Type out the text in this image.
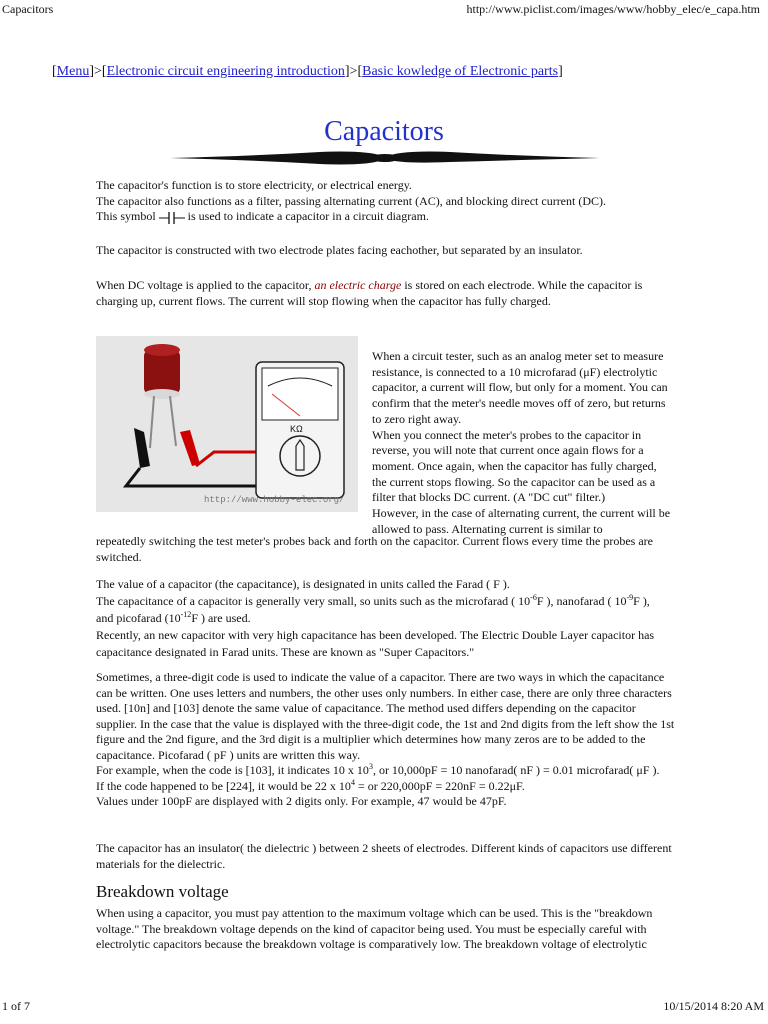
Capacitors	http://www.piclist.com/images/www/hobby_elec/e_capa.htm
[Menu]>[Electronic circuit engineering introduction]>[Basic kowledge of Electronic parts]
Capacitors

The capacitor's function is to store electricity, or electrical energy.
The capacitor also functions as a filter, passing alternating current (AC), and blocking direct current (DC).
This symbol	is used to indicate a capacitor in a circuit diagram.

The capacitor is constructed with two electrode plates facing eachother, but separated by an insulator.

When DC voltage is applied to the capacitor, an electric charge is stored on each electrode. While the capacitor is charging up, current flows. The current will stop flowing when the capacitor has fully charged.

KΩ
http://www.hobby-elec.org/
When a circuit tester, such as an analog meter set to measure resistance, is connected to a 10 microfarad (μF) electrolytic capacitor, a current will flow, but only for a moment. You can confirm that the meter's needle moves off of zero, but returns to zero right away.
When you connect the meter's probes to the capacitor in reverse, you will note that current once again flows for a moment. Once again, when the capacitor has fully charged, the current stops flowing. So the capacitor can be used as a filter that blocks DC current. (A "DC cut" filter.)
However, in the case of alternating current, the current will be allowed to pass. Alternating current is similar to

repeatedly switching the test meter's probes back and forth on the capacitor. Current flows every time the probes are switched.

The value of a capacitor (the capacitance), is designated in units called the Farad ( F ).
The capacitance of a capacitor is generally very small, so units such as the microfarad ( $10^{-6}F$ ), nanofarad ( $10^{-9}F$ ),
and picofarad ($10^{-12}F$ ) are used.
Recently, an new capacitor with very high capacitance has been developed. The Electric Double Layer capacitor has capacitance designated in Farad units. These are known as "Super Capacitors."

Sometimes, a three-digit code is used to indicate the value of a capacitor. There are two ways in which the capacitance can be written. One uses letters and numbers, the other uses only numbers. In either case, there are only three characters used. [10n] and [103] denote the same value of capacitance. The method used differs depending on the capacitor supplier. In the case that the value is displayed with the three-digit code, the 1st and 2nd digits from the left show the 1st figure and the 2nd figure, and the 3rd digit is a multiplier which determines how many zeros are to be added to the capacitance. Picofarad ( pF ) units are written this way.
For example, when the code is [103], it indicates 10 x $10^3$, or 10,000pF = 10 nanofarad( nF ) = 0.01 microfarad( μF ).
If the code happened to be [224], it would be 22 x $10^4$ = or 220,000pF = 220nF = 0.22μF.
Values under 100pF are displayed with 2 digits only. For example, 47 would be 47pF.

The capacitor has an insulator( the dielectric ) between 2 sheets of electrodes. Different kinds of capacitors use different materials for the dielectric.

Breakdown voltage

When using a capacitor, you must pay attention to the maximum voltage which can be used. This is the "breakdown voltage." The breakdown voltage depends on the kind of capacitor being used. You must be especially careful with electrolytic capacitors because the breakdown voltage is comparatively low. The breakdown voltage of electrolytic

1 of 7	10/15/2014 8:20 AM
